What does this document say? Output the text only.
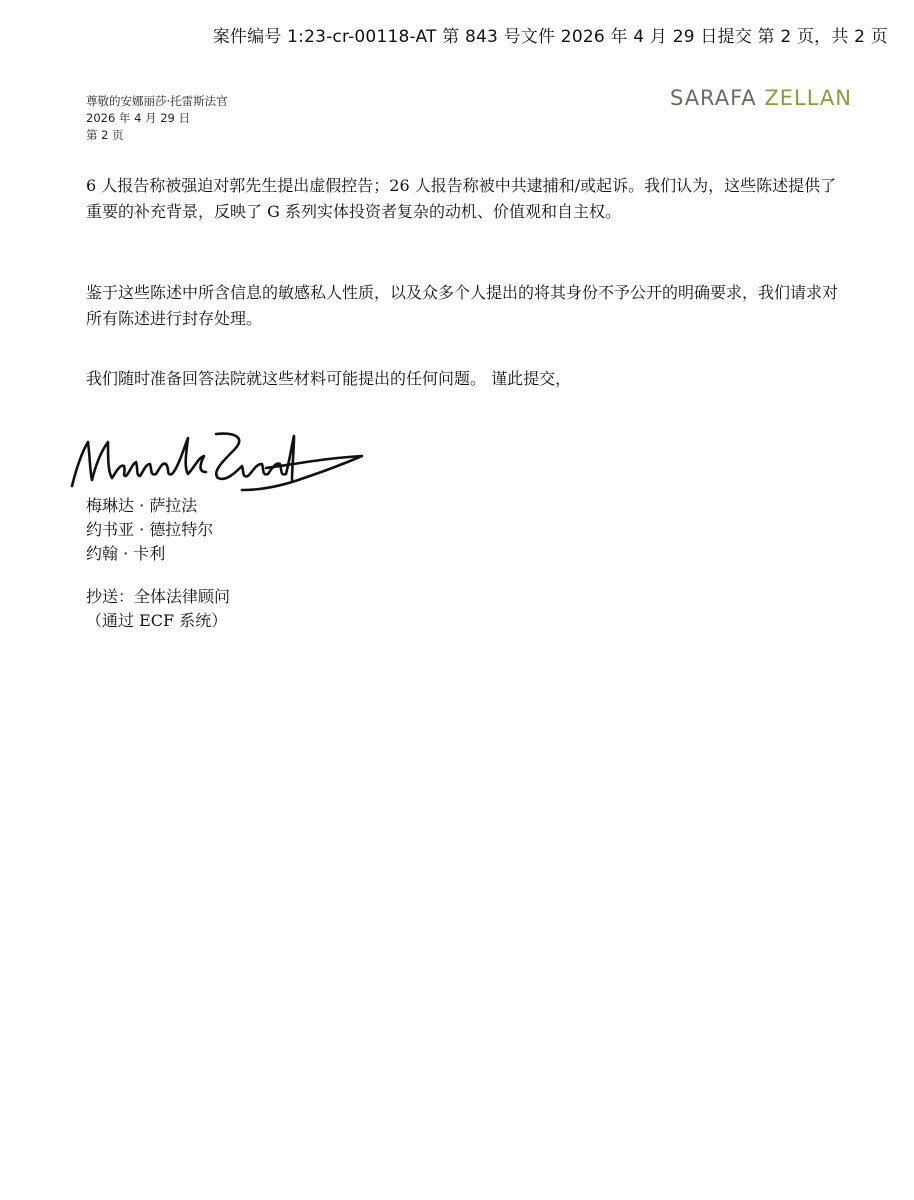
案件编号 1:23-cr-00118-AT 第 843 号文件 2026 年 4 月 29 日提交 第 2 页，共 2 页
尊敬的安娜丽莎·托雷斯法官
2026 年 4 月 29 日
第 2 页
SARAFA ZELLAN
6 人报告称被强迫对郭先生提出虚假控告；26 人报告称被中共逮捕和/或起诉。我们认为，这些陈述提供了重要的补充背景，反映了 G 系列实体投资者复杂的动机、价值观和自主权。
鉴于这些陈述中所含信息的敏感私人性质，以及众多个人提出的将其身份不予公开的明确要求，我们请求对所有陈述进行封存处理。
我们随时准备回答法院就这些材料可能提出的任何问题。 谨此提交，
梅琳达 · 萨拉法
约书亚 · 德拉特尔
约翰 · 卡利
抄送：全体法律顾问
（通过 ECF 系统）
